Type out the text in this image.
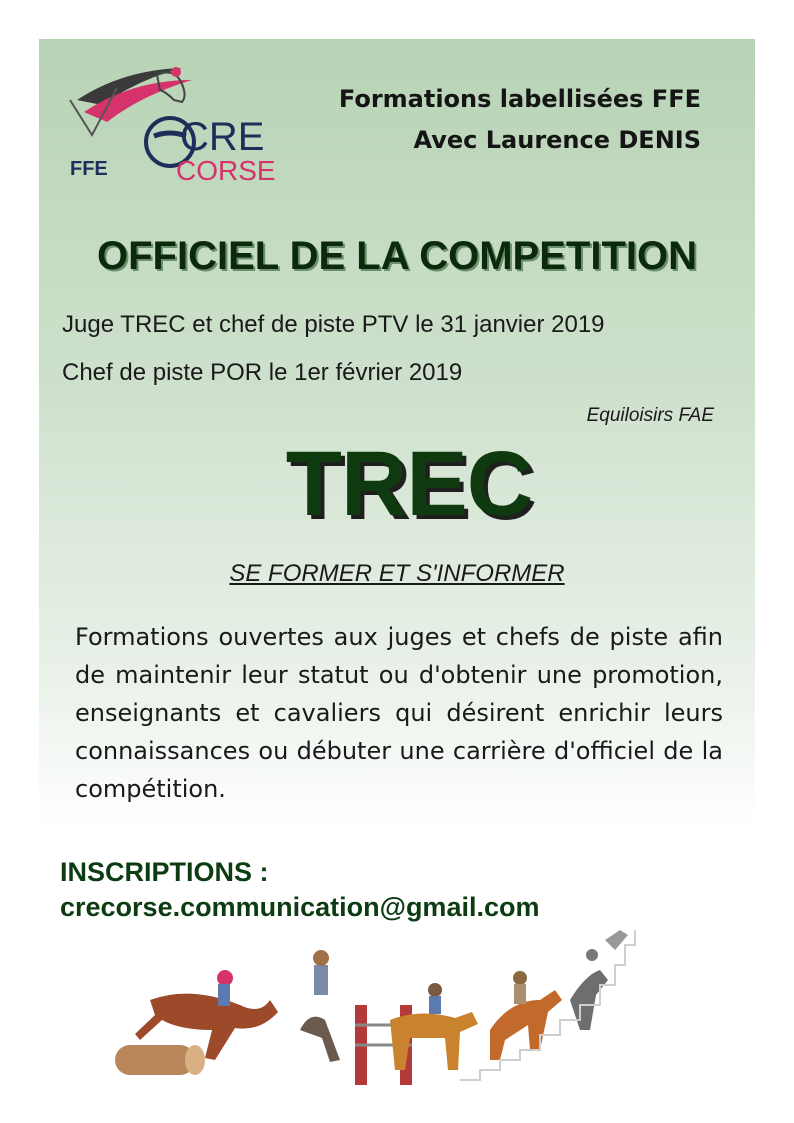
FFE
CRE
CORSE
Formations labellisées FFE
Avec Laurence DENIS
OFFICIEL DE LA COMPETITION
Juge TREC et chef de piste PTV le 31 janvier 2019
Chef de piste POR le 1er février 2019
Equiloisirs FAE
TREC
SE FORMER ET S'INFORMER
Formations ouvertes aux juges et chefs de piste afin de maintenir leur statut ou d'obtenir une promotion, enseignants et cavaliers qui désirent enrichir leurs connaissances ou débuter une carrière d'officiel de la compétition.
INSCRIPTIONS :
crecorse.communication@gmail.com
